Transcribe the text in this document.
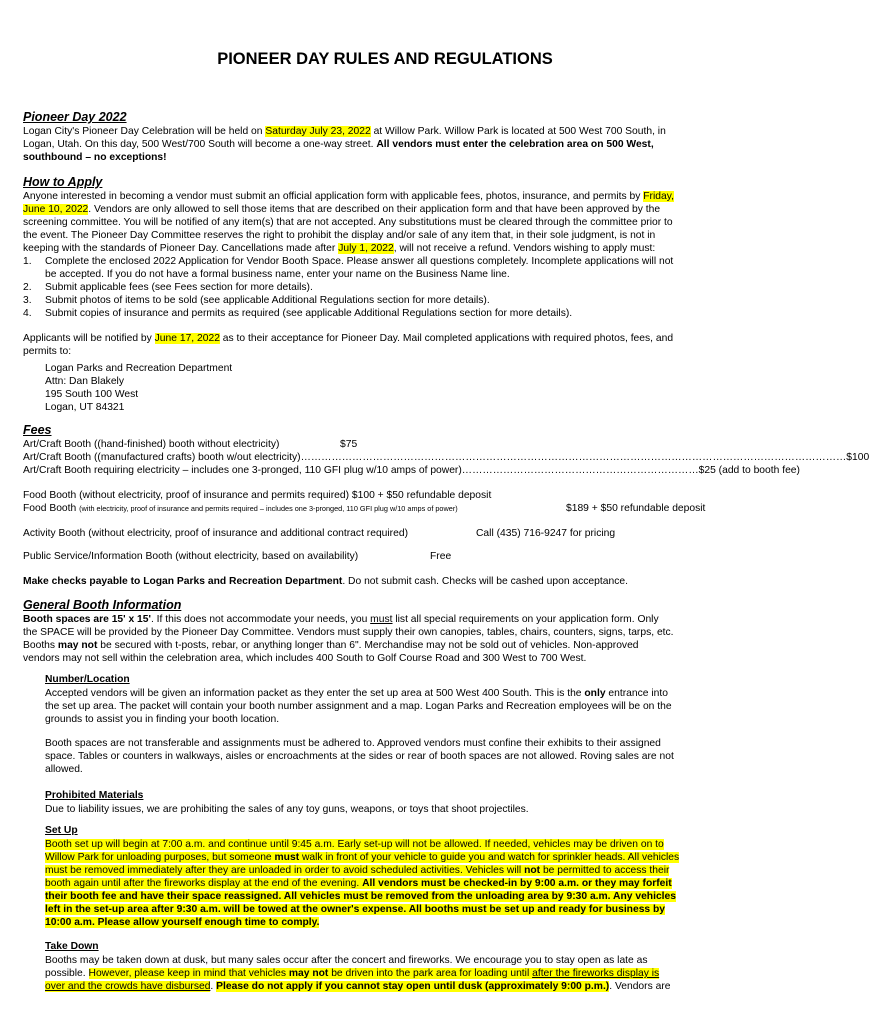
PIONEER DAY RULES AND REGULATIONS
Pioneer Day 2022
Logan City's Pioneer Day Celebration will be held on Saturday July 23, 2022 at Willow Park. Willow Park is located at 500 West 700 South, in
Logan, Utah. On this day, 500 West/700 South will become a one-way street. All vendors must enter the celebration area on 500 West,
southbound – no exceptions!
How to Apply
Anyone interested in becoming a vendor must submit an official application form with applicable fees, photos, insurance, and permits by Friday,
June 10, 2022. Vendors are only allowed to sell those items that are described on their application form and that have been approved by the
screening committee. You will be notified of any item(s) that are not accepted. Any substitutions must be cleared through the committee prior to
the event. The Pioneer Day Committee reserves the right to prohibit the display and/or sale of any item that, in their sole judgment, is not in
keeping with the standards of Pioneer Day. Cancellations made after July 1, 2022, will not receive a refund. Vendors wishing to apply must:
1. Complete the enclosed 2022 Application for Vendor Booth Space. Please answer all questions completely. Incomplete applications will not
be accepted. If you do not have a formal business name, enter your name on the Business Name line.
2. Submit applicable fees (see Fees section for more details).
3. Submit photos of items to be sold (see applicable Additional Regulations section for more details).
4. Submit copies of insurance and permits as required (see applicable Additional Regulations section for more details).
Applicants will be notified by June 17, 2022 as to their acceptance for Pioneer Day. Mail completed applications with required photos, fees, and
permits to:
Logan Parks and Recreation Department
Attn: Dan Blakely
195 South 100 West
Logan, UT 84321
Fees
Art/Craft Booth ((hand-finished) booth without electricity)	$75
Art/Craft Booth ((manufactured crafts) booth w/out electricity) …………………………………………………………………………………………………………………………………………… $100
Art/Craft Booth requiring electricity – includes one 3-pronged, 110 GFI plug w/10 amps of power) …………………………………………………………… $25 (add to booth fee)
Food Booth (without electricity, proof of insurance and permits required) $100 + $50 refundable deposit
Food Booth (with electricity, proof of insurance and permits required – includes one 3-pronged, 110 GFI plug w/10 amps of power)	$189 + $50 refundable deposit
Activity Booth (without electricity, proof of insurance and additional contract required)	Call (435) 716-9247 for pricing
Public Service/Information Booth (without electricity, based on availability)	Free
Make checks payable to Logan Parks and Recreation Department. Do not submit cash. Checks will be cashed upon acceptance.
General Booth Information
Booth spaces are 15' x 15'. If this does not accommodate your needs, you must list all special requirements on your application form. Only
the SPACE will be provided by the Pioneer Day Committee. Vendors must supply their own canopies, tables, chairs, counters, signs, tarps, etc.
Booths may not be secured with t-posts, rebar, or anything longer than 6". Merchandise may not be sold out of vehicles. Non-approved
vendors may not sell within the celebration area, which includes 400 South to Golf Course Road and 300 West to 700 West.
Number/Location
Accepted vendors will be given an information packet as they enter the set up area at 500 West 400 South. This is the only entrance into
the set up area. The packet will contain your booth number assignment and a map. Logan Parks and Recreation employees will be on the
grounds to assist you in finding your booth location.
Booth spaces are not transferable and assignments must be adhered to. Approved vendors must confine their exhibits to their assigned
space. Tables or counters in walkways, aisles or encroachments at the sides or rear of booth spaces are not allowed. Roving sales are not
allowed.
Prohibited Materials
Due to liability issues, we are prohibiting the sales of any toy guns, weapons, or toys that shoot projectiles.
Set Up
Booth set up will begin at 7:00 a.m. and continue until 9:45 a.m. Early set-up will not be allowed. If needed, vehicles may be driven on to
Willow Park for unloading purposes, but someone must walk in front of your vehicle to guide you and watch for sprinkler heads. All vehicles
must be removed immediately after they are unloaded in order to avoid scheduled activities. Vehicles will not be permitted to access their
booth again until after the fireworks display at the end of the evening. All vendors must be checked-in by 9:00 a.m. or they may forfeit
their booth fee and have their space reassigned. All vehicles must be removed from the unloading area by 9:30 a.m. Any vehicles
left in the set-up area after 9:30 a.m. will be towed at the owner's expense. All booths must be set up and ready for business by
10:00 a.m. Please allow yourself enough time to comply.
Take Down
Booths may be taken down at dusk, but many sales occur after the concert and fireworks. We encourage you to stay open as late as
possible. However, please keep in mind that vehicles may not be driven into the park area for loading until after the fireworks display is
over and the crowds have disbursed. Please do not apply if you cannot stay open until dusk (approximately 9:00 p.m.). Vendors are
